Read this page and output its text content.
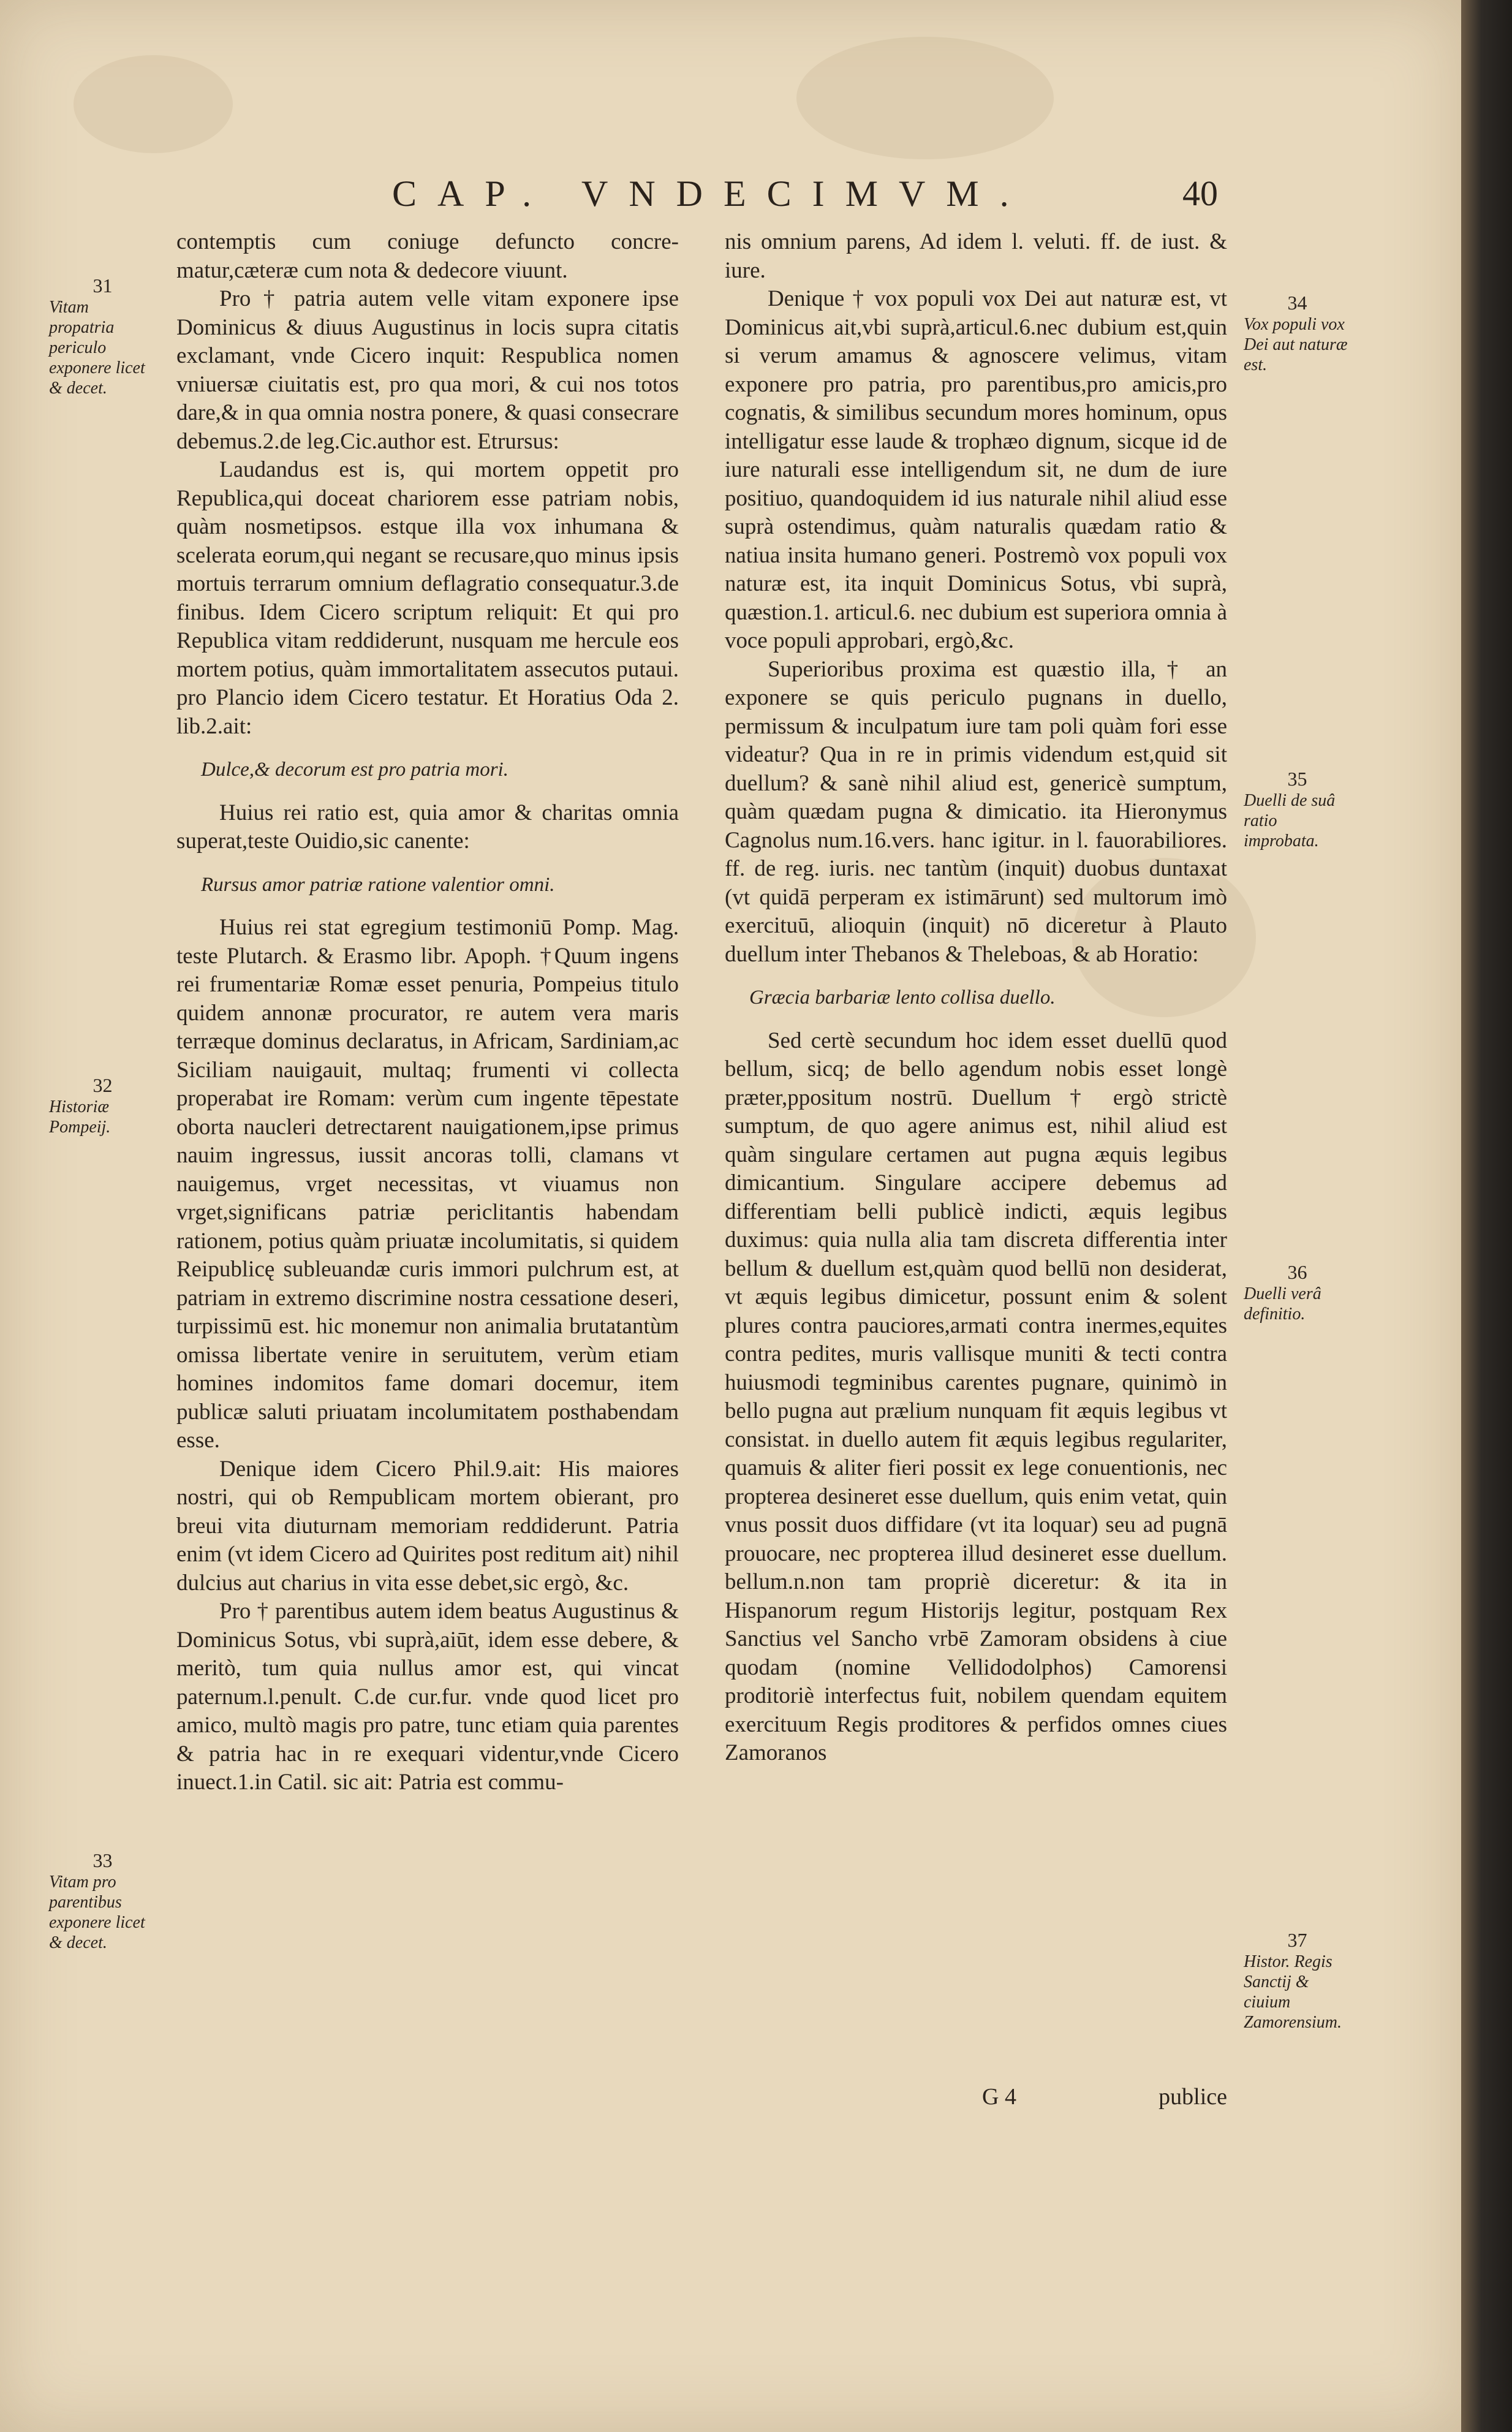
CAP. VNDECIMVM.	40

contemptis cum coniuge defuncto concre- matur,cæteræ cum nota & dedecore viuunt.

Pro † patria autem velle vitam exponere ipse Dominicus & diuus Augustinus in locis supra citatis exclamant, vnde Cicero inquit: Respublica nomen vniuersæ ciuitatis est, pro qua mori, & cui nos totos dare,& in qua omnia nostra ponere, & quasi consecrare debemus.2.de leg.Cic.author est. Etrursus:

Laudandus est is, qui mortem oppetit pro Republica,qui doceat chariorem esse patriam nobis, quàm nosmetipsos. estque illa vox inhumana & scelerata eorum,qui negant se recusare,quo minus ipsis mortuis terrarum omnium deflagratio consequatur.3.de finibus. Idem Cicero scriptum reliquit: Et qui pro Republica vitam reddiderunt, nusquam me hercule eos mortem potius, quàm immortalitatem assecutos putaui. pro Plancio idem Cicero testatur. Et Horatius Oda 2. lib.2.ait:

Dulce,& decorum est pro patria mori.

Huius rei ratio est, quia amor & charitas omnia superat,teste Ouidio,sic canente:

Rursus amor patriæ ratione valentior omni.

Huius rei stat egregium testimoniū Pomp. Mag. teste Plutarch. & Erasmo libr. Apoph. †Quum ingens rei frumentariæ Romæ esset penuria, Pompeius titulo quidem annonæ procurator, re autem vera maris terræque dominus declaratus, in Africam, Sardiniam,ac Siciliam nauigauit, multaq; frumenti vi collecta properabat ire Romam: verùm cum ingente tēpestate oborta naucleri detrectarent nauigationem,ipse primus nauim ingressus, iussit ancoras tolli, clamans vt nauigemus, vrget necessitas, vt viuamus non vrget,significans patriæ periclitantis habendam rationem, potius quàm priuatæ incolumitatis, si quidem Reipublicę subleuandæ curis immori pulchrum est, at patriam in extremo discrimine nostra cessatione deseri, turpissimū est. hic monemur non animalia brutatantùm omissa libertate venire in seruitutem, verùm etiam homines indomitos fame domari docemur, item publicæ saluti priuatam incolumitatem posthabendam esse.

Denique idem Cicero Phil.9.ait: His maiores nostri, qui ob Rempublicam mortem obierant, pro breui vita diuturnam memoriam reddiderunt. Patria enim (vt idem Cicero ad Quirites post reditum ait) nihil dulcius aut charius in vita esse debet,sic ergò, &c.

Pro † parentibus autem idem beatus Augustinus & Dominicus Sotus, vbi suprà,aiūt, idem esse debere, & meritò, tum quia nullus amor est, qui vincat paternum.l.penult. C.de cur.fur. vnde quod licet pro amico, multò magis pro patre, tunc etiam quia parentes & patria hac in re exequari videntur,vnde Cicero inuect.1.in Catil. sic ait: Patria est commu-

nis omnium parens, Ad idem l. veluti. ff. de iust. & iure.

Denique † vox populi vox Dei aut naturæ est, vt Dominicus ait,vbi suprà,articul.6.nec dubium est,quin si verum amamus & agnoscere velimus, vitam exponere pro patria, pro parentibus,pro amicis,pro cognatis, & similibus secundum mores hominum, opus intelligatur esse laude & trophæo dignum, sicque id de iure naturali esse intelligendum sit, ne dum de iure positiuo, quandoquidem id ius naturale nihil aliud esse suprà ostendimus, quàm naturalis quædam ratio & natiua insita humano generi. Postremò vox populi vox naturæ est, ita inquit Dominicus Sotus, vbi suprà, quæstion.1. articul.6. nec dubium est superiora omnia à voce populi approbari, ergò,&c.

Superioribus proxima est quæstio illa,† an exponere se quis periculo pugnans in duello, permissum & inculpatum iure tam poli quàm fori esse videatur? Qua in re in primis videndum est,quid sit duellum? & sanè nihil aliud est, genericè sumptum, quàm quædam pugna & dimicatio. ita Hieronymus Cagnolus num.16.vers. hanc igitur. in l. fauorabiliores. ff. de reg. iuris. nec tantùm (inquit) duobus duntaxat (vt quidā perperam ex istimārunt) sed multorum imò exercituū, alioquin (inquit) nō diceretur à Plauto duellum inter Thebanos & Theleboas, & ab Horatio:

Græcia barbariæ lento collisa duello.

Sed certè secundum hoc idem esset duellū quod bellum, sicq; de bello agendum nobis esset longè præter,ppositum nostrū. Duellum † ergò strictè sumptum, de quo agere animus est, nihil aliud est quàm singulare certamen aut pugna æquis legibus dimicantium. Singulare accipere debemus ad differentiam belli publicè indicti, æquis legibus duximus: quia nulla alia tam discreta differentia inter bellum & duellum est,quàm quod bellū non desiderat, vt æquis legibus dimicetur, possunt enim & solent plures contra pauciores,armati contra inermes,equites contra pedites, muris vallisque muniti & tecti contra huiusmodi tegminibus carentes pugnare, quinimò in bello pugna aut prælium nunquam fit æquis legibus vt consistat. in duello autem fit æquis legibus regulariter, quamuis & aliter fieri possit ex lege conuentionis, nec propterea desineret esse duellum, quis enim vetat, quin vnus possit duos diffidare (vt ita loquar) seu ad pugnā prouocare, nec propterea illud desineret esse duellum. bellum.n.non tam propriè diceretur: & ita in Hispanorum regum Historijs legitur, postquam Rex Sanctius vel Sancho vrbē Zamoram obsidens à ciue quodam (nomine Vellidodolphos) Camorensi proditoriè interfectus fuit, nobilem quendam equitem exercituum Regis proditores & perfidos omnes ciues Zamoranos

31
Vitam propatria periculo exponere licet & decet.
32
Historiæ Pompeij.
33
Vitam pro parentibus exponere licet & decet.
34
Vox populi vox Dei aut naturæ est.
35
Duelli de suâ ratio improbata.
36
Duelli verâ definitio.
37
Histor. Regis Sanctij & ciuium Zamorensium.
G 4	publice
